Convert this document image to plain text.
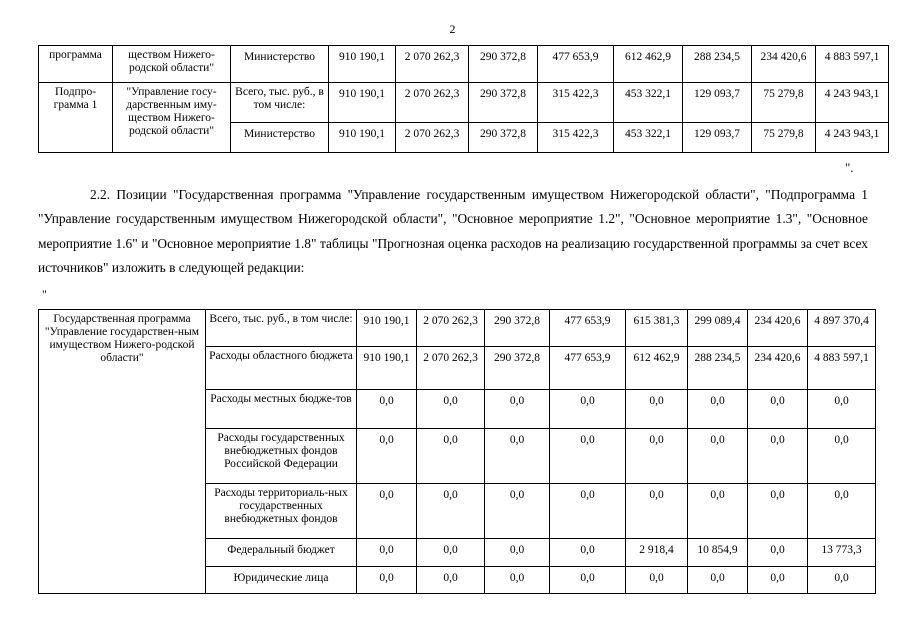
2
программа	ществом Нижего-родской области"	Министерство	910 190,1	2 070 262,3	290 372,8	477 653,9	612 462,9	288 234,5	234 420,6	4 883 597,1
Подпро-грамма 1	"Управление госу-дарственным иму-ществом Нижего-родской области"	Всего, тыс. руб., в том числе:	910 190,1	2 070 262,3	290 372,8	315 422,3	453 322,1	129 093,7	75 279,8	4 243 943,1
		Министерство	910 190,1	2 070 262,3	290 372,8	315 422,3	453 322,1	129 093,7	75 279,8	4 243 943,1
".

2.2. Позиции "Государственная программа "Управление государственным имуществом Нижегородской области", "Подпрограмма 1 "Управление государственным имуществом Нижегородской области", "Основное мероприятие 1.2", "Основное мероприятие 1.3", "Основное мероприятие 1.6" и "Основное мероприятие 1.8" таблицы "Прогнозная оценка расходов на реализацию государственной программы за счет всех источников" изложить в следующей редакции:

"
Государственная программа "Управление государствен-ным имуществом Нижего-родской области"	Всего, тыс. руб., в том числе:	910 190,1	2 070 262,3	290 372,8	477 653,9	615 381,3	299 089,4	234 420,6	4 897 370,4
	Расходы областного бюджета	910 190,1	2 070 262,3	290 372,8	477 653,9	612 462,9	288 234,5	234 420,6	4 883 597,1
	Расходы местных бюдже-тов	0,0	0,0	0,0	0,0	0,0	0,0	0,0	0,0
	Расходы государственных внебюджетных фондов Российской Федерации	0,0	0,0	0,0	0,0	0,0	0,0	0,0	0,0
	Расходы территориаль-ных государственных внебюджетных фондов	0,0	0,0	0,0	0,0	0,0	0,0	0,0	0,0
	Федеральный бюджет	0,0	0,0	0,0	0,0	2 918,4	10 854,9	0,0	13 773,3
	Юридические лица	0,0	0,0	0,0	0,0	0,0	0,0	0,0	0,0
